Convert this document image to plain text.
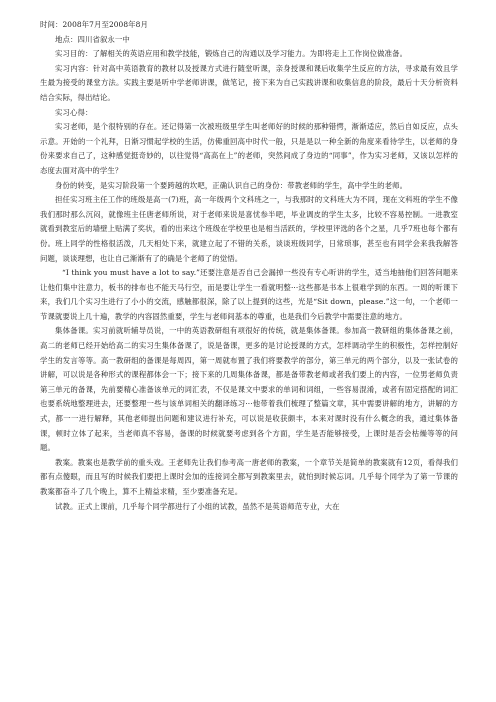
时间：2008年7月至2008年8月

地点：四川省叙永一中

实习目的：了解相关的英语应用和教学技能，锻炼自己的沟通以及学习能力。为即将走上工作岗位做准备。

实习内容：针对高中英语教育的教材以及授课方式进行随堂听课，亲身授课和课后收集学生反应的方法，寻求最有效且学生最为接受的课堂方法。实践主要是听中学老师讲课，做笔记，接下来为自己实践讲课和收集信息的阶段，最后十天分析资料结合实际，得出结论。

实习心得：

实习老师，是个很特别的存在。还记得第一次被班级里学生叫老师好的时候的那种错愕，渐渐适应，然后自如反应，点头示意。开始的一个礼拜，日渐习惯起学校的生活，仿佛重回高中时代一般，只是是以一种全新的角度来看待学生，以老师的身份来要求自己了，这种感觉挺奇妙的，以往觉得“高高在上”的老师，突然间成了身边的“同事”，作为实习老师，又该以怎样的态度去面对高中的学生？

身份的转变，是实习阶段第一个要跨越的坎吧，正确认识自己的身份：带教老师的学生，高中学生的老师。

担任实习班主任工作的班级是高一(7)班，高一年级两个文科班之一，与我那时的文科班大为不同，现在文科班的学生不像我们那时那么沉闷，就像班主任唐老师所说，对于老师来说是喜忧参半吧，毕业调皮的学生太多，比较不容易控制。一进教室就看到教室后的墙壁上贴满了奖状，看的出来这个班级在学校里也是相当活跃的，学校里评选的各个之星，几乎7班也每个都有份。班上同学的性格很活泼，几天相处下来，就建立起了不错的关系，谈谈班级同学，日常琐事，甚至也有同学会来我我解答问题，谈谈理想，也让自己渐渐有了的确是个老师了的觉悟。

“I think you must have a lot to say.”还要注意是否自己会漏掉一些没有专心听讲的学生，适当地抽他们回答问题来让他们集中注意力，板书的排布也不能天马行空，而是要让学生一看就明整···这些都是书本上很难学到的东西。一周的听课下来，我们几个实习生进行了小小的交流，感触都很深，除了以上提到的这些，光是“Sit down，please.”这一句，一个老师一节课就要说上几十遍，教学的内容固然重要，学生与老师间基本的尊重，也是我们今后教学中需要注意的地方。

集体备课。实习前就听辅导员说，一中的英语教研组有项很好的传统，就是集体备课。参加高一教研组的集体备课之前，高二的老师已经开始给高二的实习生集体备课了，说是备课，更多的是讨论授课的方式，怎样调动学生的积极性，怎样控制好学生的发言等等。高一教研组的备课是每周四，第一周就布置了我们将要教学的部分，第三单元的两个部分，以及一张试卷的讲解，可以说是各种形式的课程都体会一下；接下来的几周集体备课，都是备带教老师或者我们要上的内容，一位男老师负责第三单元的备课，先前要精心准备该单元的词汇表，不仅是课文中要求的单词和词组，一些容易混淆，或者有固定搭配的词汇也要系统地整理进去，还要整理一些与该单词相关的翻译练习···他带着我们梳理了整篇文章，其中需要讲解的地方，讲解的方式，都一一进行解释，其他老师提出问题和建议进行补充，可以说是收获颇丰，本来对课时没有什么概念的我，通过集体备课，顿时立体了起来，当老师真不容易，备课的时候就要考虑到各个方面，学生是否能够接受，上课时是否会枯燥等等的问题。

教案。教案也是教学前的重头戏。王老师先让我们参考高一唐老师的教案，一个章节关是简单的教案就有12页，看得我们都有点傻眼，而且写的时候我们要把上课时会加的连接词全都写到教案里去，就怕到时候忘词。几乎每个同学为了第一节课的教案都奋斗了几个晚上，算不上精益求精，至少要准备充足。

试教。正式上课前，几乎每个同学都进行了小组的试教，虽然不是英语师范专业，大在
